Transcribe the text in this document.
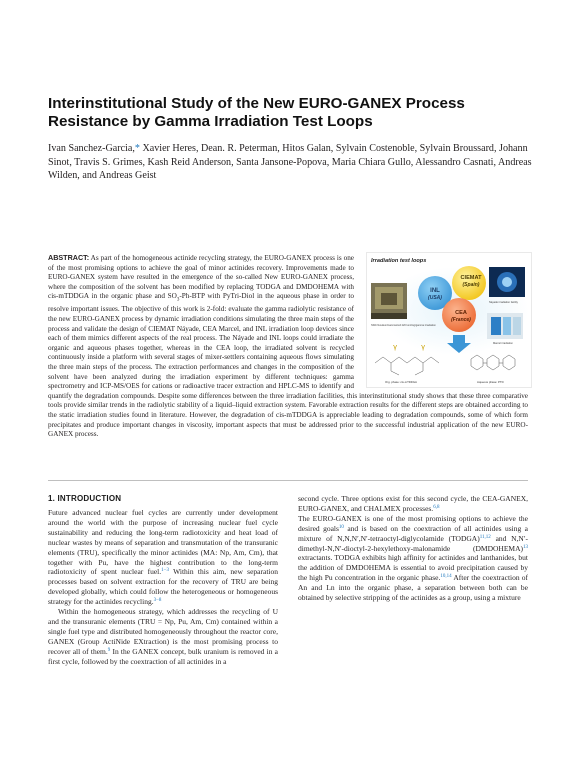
Interinstitutional Study of the New EURO-GANEX Process Resistance by Gamma Irradiation Test Loops
Ivan Sanchez-Garcia,* Xavier Heres, Dean. R. Peterman, Hitos Galan, Sylvain Costenoble, Sylvain Broussard, Johann Sinot, Travis S. Grimes, Kash Reid Anderson, Santa Jansone-Popova, Maria Chiara Gullo, Alessandro Casnati, Andreas Wilden, and Andreas Geist
ABSTRACT: As part of the homogeneous actinide recycling strategy, the EURO-GANEX process is one of the most promising options to achieve the goal of minor actinides recovery. Improvements made to EURO-GANEX system have resulted in the emergence of the so-called New EURO-GANEX process, where the composition of the solvent has been modified by replacing TODGA and DMDOHEMA with cis-mTDDGA in the organic phase and $SO_3-Ph$-BTP with PyTri-Diol in the aqueous phase in order to resolve important issues. The objective of this work is 2-fold: evaluate the gamma radiolytic resistance of the new EURO-GANEX process by dynamic irradiation conditions simulating the three main steps of the process and validate the design of CIEMAT Náyade, CEA Marcel, and INL irradiation loop devices since each of them mimics different aspects of the real process. The Náyade and INL loops could irradiate the organic and aqueous phases together, whereas in the CEA loop, the irradiated solvent is recycled continuously inside a platform with several stages of mixer-settlers containing aqueous flows simulating the three main steps of the process. The extraction performances and changes in the composition of the solvent have been analyzed during the irradiation experiment by different techniques: gamma spectrometry and ICP-MS/OES for cations or radioactive tracer extraction and HPLC-MS to identify and quantify the degradation compounds. Despite some differences between the three irradiation facilities, this interinstitutional study shows that these three comparative tools provide similar trends in the radiolytic stability of a liquid–liquid extraction system. Favorable extraction results for the different steps are obtained according to the static irradiation studies found in literature. However, the degradation of cis-mTDDGA is appreciable leading to degradation compounds, some of which form precipitates and produce important changes in viscosity, important aspects that must be addressed prior to the successful industrial application of the new EURO-GANEX process.
Irradiation test loops
SSDi Navision/GammaCell 220 Ionizing/gamma irradiation
Náyade irradiation facility
Marcel irradiation
INL
(USA)
CIEMAT
(Spain)
CEA
(France)
γ	γ
Org. phase: cis-mTDDGA	Aqueous phase: PTD
1. INTRODUCTION

Future advanced nuclear fuel cycles are currently under development around the world with the purpose of increasing nuclear fuel cycle sustainability and reducing the long-term radiotoxicity and heat load of nuclear wastes by means of separation and transmutation of the transuranic elements (TRU), specifically the minor actinides (MA: Np, Am, Cm), that together with Pu, have the highest contribution to the long-term radiotoxicity of spent nuclear fuel.$^{1-3}$ Within this aim, new separation processes based on solvent extraction for the recovery of TRU are being developed globally, which could follow the heterogeneous or homogeneous strategy for the actinides recycling.$^{3-8}$

Within the homogeneous strategy, which addresses the recycling of U and the transuranic elements (TRU = Np, Pu, Am, Cm) contained within a single fuel type and distributed homogeneously throughout the reactor core, GANEX (Group ActiNide EXtraction) is the most promising process to recover all of them.$^9$ In the GANEX concept, bulk uranium is removed in a first cycle, followed by the coextraction of all actinides in a

second cycle. Three options exist for this second cycle, the CEA-GANEX, EURO-GANEX, and CHALMEX processes.$^{6,8}$

The EURO-GANEX is one of the most promising options to achieve the desired goals$^{10}$ and is based on the coextraction of all actinides using a mixture of N,N,N′,N′-tetraoctyl-diglycolamide (TODGA)$^{11,12}$ and N,N′-dimethyl-N,N′-dioctyl-2-hexylethoxy-malonamide (DMDOHEMA)$^{13}$ extractants. TODGA exhibits high affinity for actinides and lanthanides, but the addition of DMDOHEMA is essential to avoid precipitation caused by the high Pu concentration in the organic phase.$^{10,14}$ After the coextraction of An and Ln into the organic phase, a separation between both can be obtained by selective stripping of the actinides as a group, using a mixture
